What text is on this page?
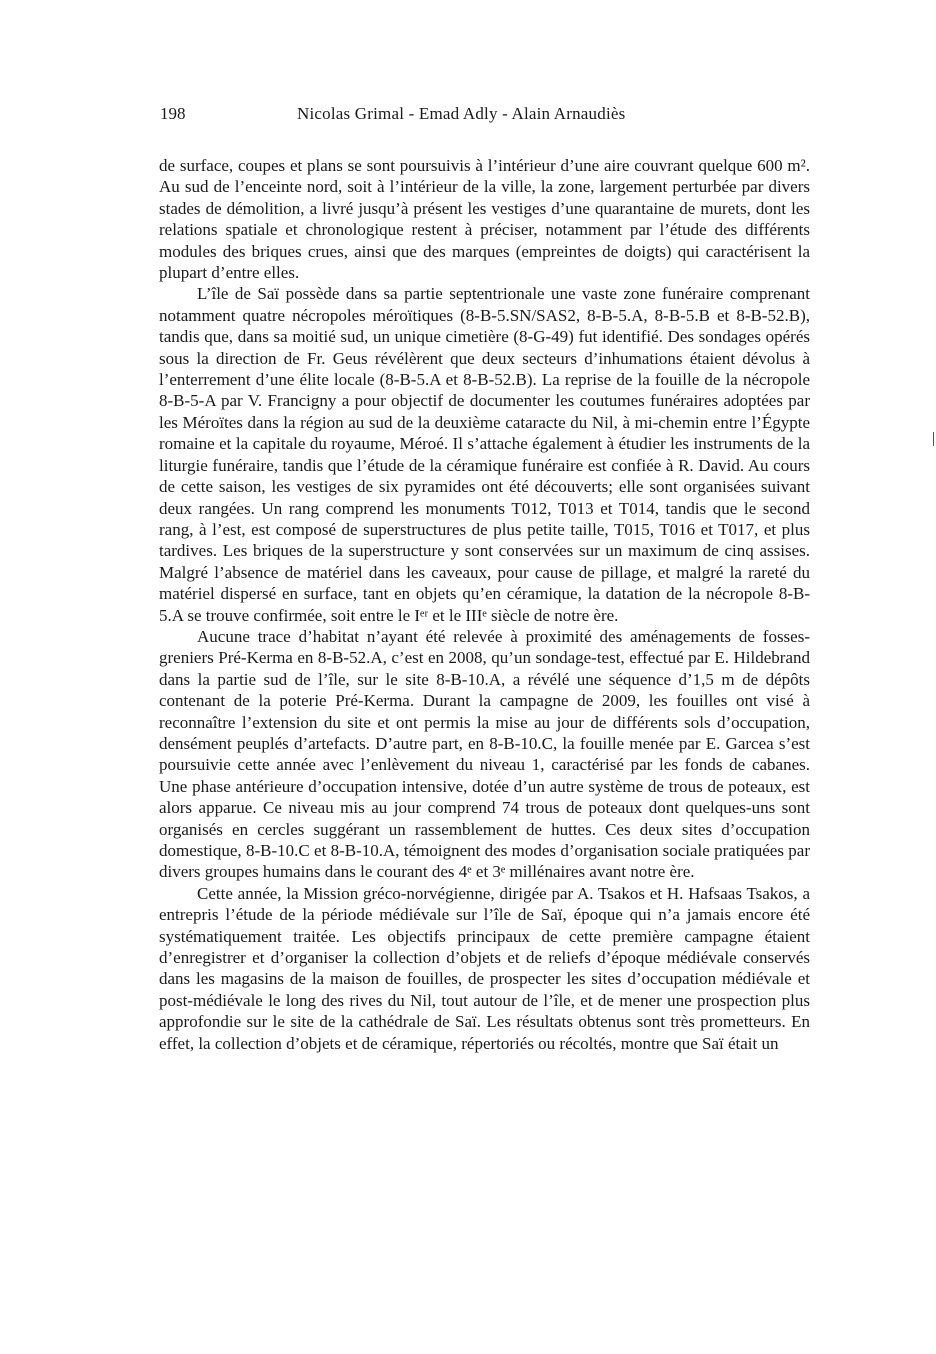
198	Nicolas Grimal - Emad Adly - Alain Arnaudiès

de surface, coupes et plans se sont poursuivis à l’intérieur d’une aire couvrant quelque 600 m². Au sud de l’enceinte nord, soit à l’intérieur de la ville, la zone, largement perturbée par divers stades de démolition, a livré jusqu’à présent les vestiges d’une quarantaine de murets, dont les relations spatiale et chronologique restent à préciser, notamment par l’étude des différents modules des briques crues, ainsi que des marques (empreintes de doigts) qui caractérisent la plupart d’entre elles.

L’île de Saï possède dans sa partie septentrionale une vaste zone funéraire comprenant notamment quatre nécropoles méroïtiques (8-B-5.SN/SAS2, 8-B-5.A, 8-B-5.B et 8-B-52.B), tandis que, dans sa moitié sud, un unique cimetière (8-G-49) fut identifié. Des sondages opérés sous la direction de Fr. Geus révélèrent que deux secteurs d’inhumations étaient dévolus à l’enterrement d’une élite locale (8-B-5.A et 8-B-52.B). La reprise de la fouille de la nécropole 8-B-5-A par V. Francigny a pour objectif de documenter les coutumes funéraires adoptées par les Méroïtes dans la région au sud de la deuxième cataracte du Nil, à mi-chemin entre l’Égypte romaine et la capitale du royaume, Méroé. Il s’attache également à étudier les instruments de la liturgie funéraire, tandis que l’étude de la céramique funéraire est confiée à R. David. Au cours de cette saison, les vestiges de six pyramides ont été découverts; elle sont organisées suivant deux rangées. Un rang comprend les monuments T012, T013 et T014, tandis que le second rang, à l’est, est composé de superstructures de plus petite taille, T015, T016 et T017, et plus tardives. Les briques de la superstructure y sont conservées sur un maximum de cinq assises. Malgré l’absence de matériel dans les caveaux, pour cause de pillage, et malgré la rareté du matériel dispersé en surface, tant en objets qu’en céramique, la datation de la nécropole 8-B-5.A se trouve confirmée, soit entre le Iᵉʳ et le IIIᵉ siècle de notre ère.

Aucune trace d’habitat n’ayant été relevée à proximité des aménagements de fosses-greniers Pré-Kerma en 8-B-52.A, c’est en 2008, qu’un sondage-test, effectué par E. Hildebrand dans la partie sud de l’île, sur le site 8-B-10.A, a révélé une séquence d’1,5 m de dépôts contenant de la poterie Pré-Kerma. Durant la campagne de 2009, les fouilles ont visé à reconnaître l’extension du site et ont permis la mise au jour de différents sols d’occupation, densément peuplés d’artefacts. D’autre part, en 8-B-10.C, la fouille menée par E. Garcea s’est poursuivie cette année avec l’enlèvement du niveau 1, caractérisé par les fonds de cabanes. Une phase antérieure d’occupation intensive, dotée d’un autre système de trous de poteaux, est alors apparue. Ce niveau mis au jour comprend 74 trous de poteaux dont quelques-uns sont organisés en cercles suggérant un rassemblement de huttes. Ces deux sites d’occupation domestique, 8-B-10.C et 8-B-10.A, témoignent des modes d’organisation sociale pratiquées par divers groupes humains dans le courant des 4ᵉ et 3ᵉ millénaires avant notre ère.

Cette année, la Mission gréco-norvégienne, dirigée par A. Tsakos et H. Hafsaas Tsakos, a entrepris l’étude de la période médiévale sur l’île de Saï, époque qui n’a jamais encore été systématiquement traitée. Les objectifs principaux de cette première campagne étaient d’enregistrer et d’organiser la collection d’objets et de reliefs d’époque médiévale conservés dans les magasins de la maison de fouilles, de prospecter les sites d’occupation médiévale et post-médiévale le long des rives du Nil, tout autour de l’île, et de mener une prospection plus approfondie sur le site de la cathédrale de Saï. Les résultats obtenus sont très prometteurs. En effet, la collection d’objets et de céramique, répertoriés ou récoltés, montre que Saï était un
